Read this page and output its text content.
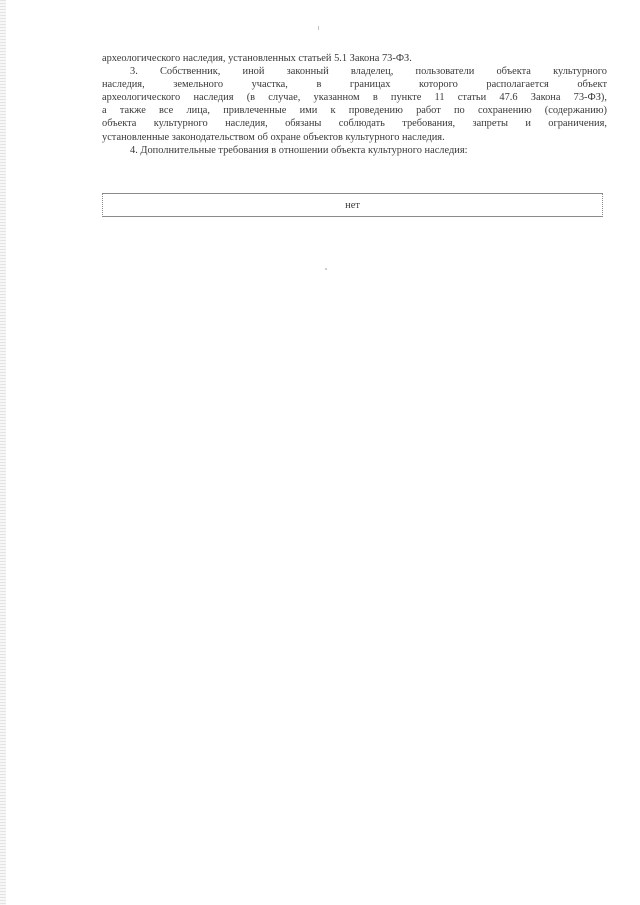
археологического наследия, установленных статьей 5.1 Закона 73-ФЗ.
3. Собственник, иной законный владелец, пользователи объекта культурного
наследия, земельного участка, в границах которого располагается объект
археологического наследия (в случае, указанном в пункте 11 статьи 47.6 Закона 73-ФЗ),
а также все лица, привлеченные ими к проведению работ по сохранению (содержанию)
объекта культурного наследия, обязаны соблюдать требования, запреты и ограничения,
установленные законодательством об охране объектов культурного наследия.
4. Дополнительные требования в отношении объекта культурного наследия:
нет
